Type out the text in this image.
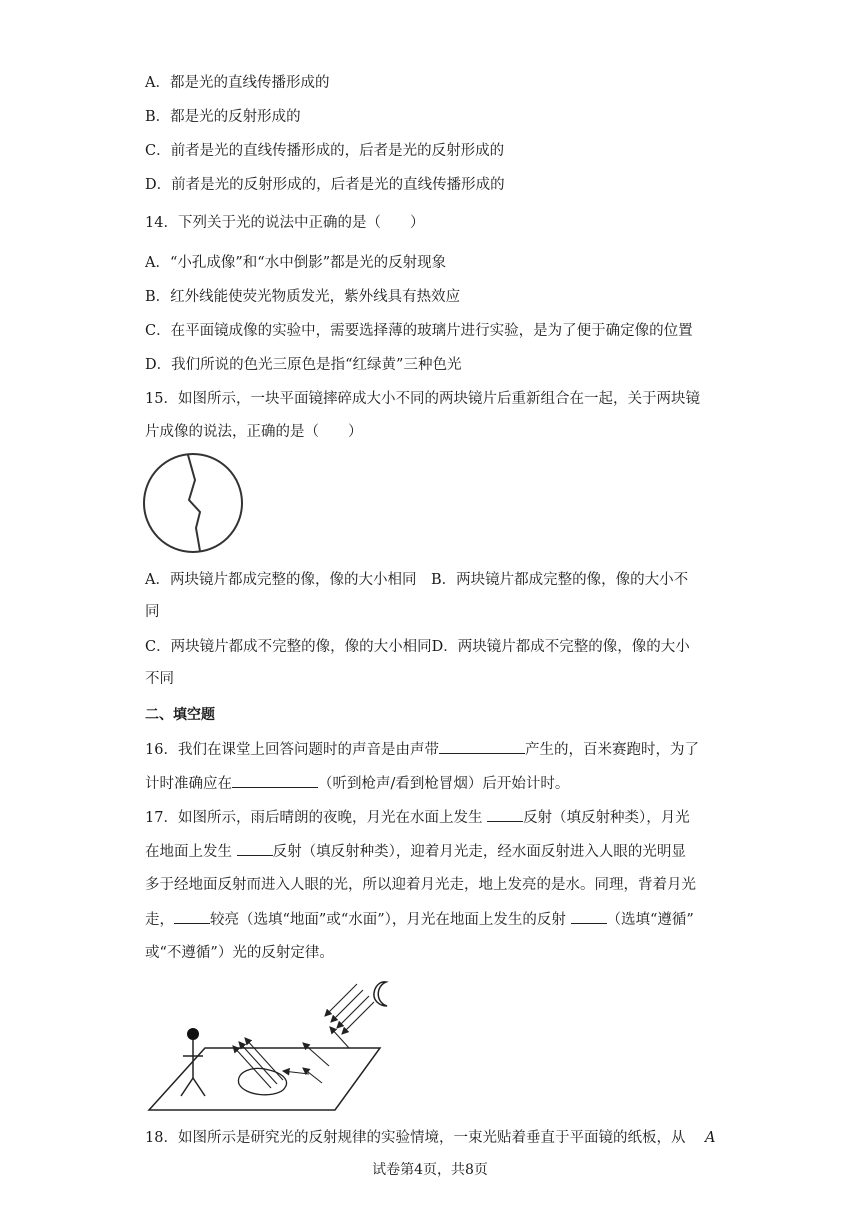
A．都是光的直线传播形成的
B．都是光的反射形成的
C．前者是光的直线传播形成的，后者是光的反射形成的
D．前者是光的反射形成的，后者是光的直线传播形成的
14．下列关于光的说法中正确的是（　　）
A．“小孔成像”和“水中倒影”都是光的反射现象
B．红外线能使荧光物质发光，紫外线具有热效应
C．在平面镜成像的实验中，需要选择薄的玻璃片进行实验，是为了便于确定像的位置
D．我们所说的色光三原色是指“红绿黄”三种色光
15．如图所示，一块平面镜摔碎成大小不同的两块镜片后重新组合在一起，关于两块镜
片成像的说法，正确的是（　　）
A．两块镜片都成完整的像，像的大小相同　B．两块镜片都成完整的像，像的大小不
同
C．两块镜片都成不完整的像，像的大小相同D．两块镜片都成不完整的像，像的大小
不同
二、填空题
16．我们在课堂上回答问题时的声音是由声带	产生的，百米赛跑时，为了
计时准确应在	（听到枪声/看到枪冒烟）后开始计时。
17．如图所示，雨后晴朗的夜晚，月光在水面上发生 反射（填反射种类），月光
在地面上发生 反射（填反射种类），迎着月光走，经水面反射进入人眼的光明显
多于经地面反射而进入人眼的光，所以迎着月光走，地上发亮的是水。同理，背着月光
走， 较亮（选填“地面”或“水面”），月光在地面上发生的反射 （选填“遵循”
或“不遵循”）光的反射定律。
18．如图所示是研究光的反射规律的实验情境，一束光贴着垂直于平面镜的纸板，从 A
试卷第4页，共8页
